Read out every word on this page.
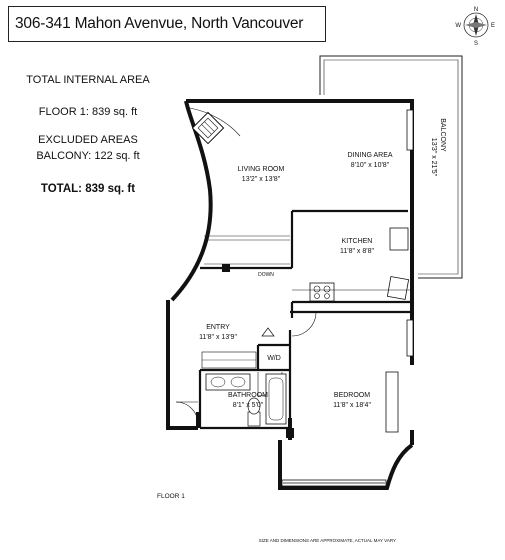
306-341 Mahon Avenvue, North Vancouver
TOTAL INTERNAL AREA
FLOOR 1: 839 sq. ft
EXCLUDED AREAS
BALCONY: 122 sq. ft
TOTAL: 839 sq. ft
N
S
E
W
LIVING ROOM
13'2" x 13'8"
DINING AREA
8'10" x 10'8"
KITCHEN
11'8" x 8'8"
ENTRY
11'8" x 13'9"
W/D
BATHROOM
8'1" x 5'0"
BEDROOM
11'8" x 18'4"
DOWN
BALCONY
13'3" x 21'5"
FLOOR 1
SIZE AND DIMENSIONS ARE APPROXIMATE, ACTUAL MAY VARY
